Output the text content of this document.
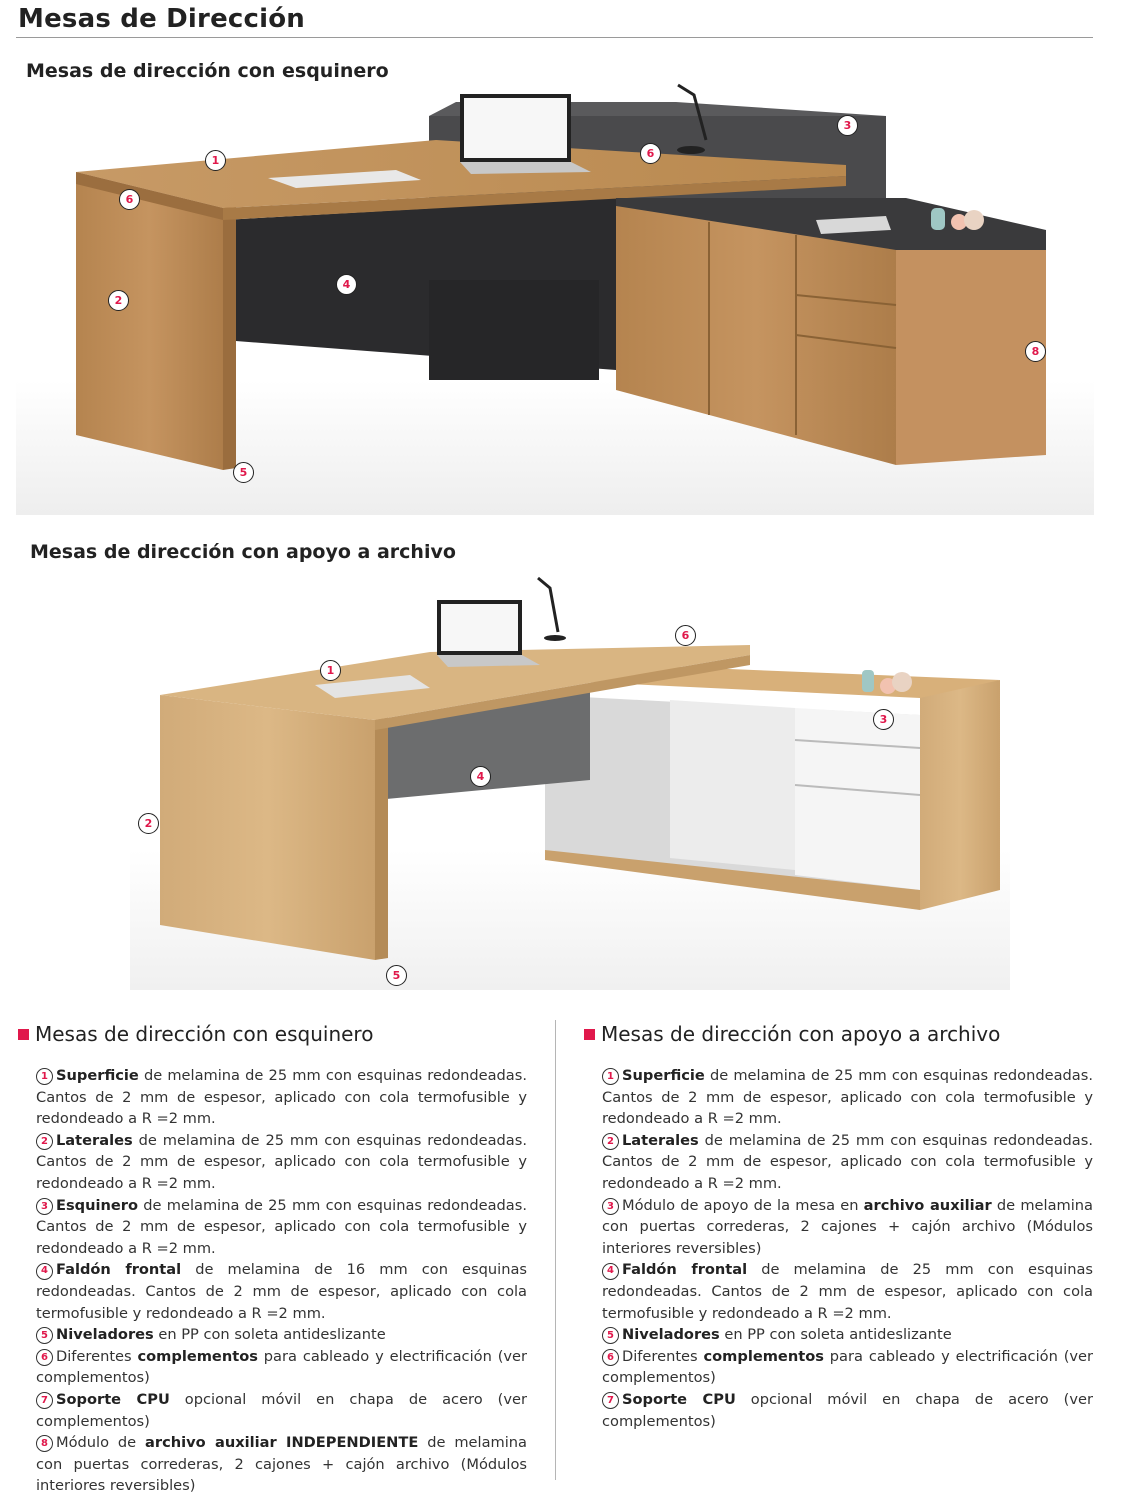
Mesas de Dirección
Mesas de dirección con esquinero
1
2
3
4
5
6
6
8
Mesas de dirección con apoyo a archivo
1
2
3
4
5
6
Mesas de dirección con esquinero	Mesas de dirección con apoyo a archivo
1 Superficie de melamina de 25 mm con esquinas redondeadas. Cantos de 2 mm de espesor, aplicado con cola termofusible y redondeado a R =2 mm.
2 Laterales de melamina de 25 mm con esquinas redondeadas. Cantos de 2 mm de espesor, aplicado con cola termofusible y redondeado a R =2 mm.
3 Esquinero de melamina de 25 mm con esquinas redondeadas. Cantos de 2 mm de espesor, aplicado con cola termofusible y redondeado a R =2 mm.
4 Faldón frontal de melamina de 16 mm con esquinas redondeadas. Cantos de 2 mm de espesor, aplicado con cola termofusible y redondeado a R =2 mm.
5 Niveladores en PP con soleta antideslizante
6 Diferentes complementos para cableado y electrificación (ver complementos)
7 Soporte CPU opcional móvil en chapa de acero (ver complementos)
8 Módulo de archivo auxiliar INDEPENDIENTE de melamina con puertas correderas, 2 cajones + cajón archivo (Módulos interiores reversibles)
1 Superficie de melamina de 25 mm con esquinas redondeadas. Cantos de 2 mm de espesor, aplicado con cola termofusible y redondeado a R =2 mm.
2 Laterales de melamina de 25 mm con esquinas redondeadas. Cantos de 2 mm de espesor, aplicado con cola termofusible y redondeado a R =2 mm.
3 Módulo de apoyo de la mesa en archivo auxiliar de melamina con puertas correderas, 2 cajones + cajón archivo (Módulos interiores reversibles)
4 Faldón frontal de melamina de 25 mm con esquinas redondeadas. Cantos de 2 mm de espesor, aplicado con cola termofusible y redondeado a R =2 mm.
5 Niveladores en PP con soleta antideslizante
6 Diferentes complementos para cableado y electrificación (ver complementos)
7 Soporte CPU opcional móvil en chapa de acero (ver complementos)
